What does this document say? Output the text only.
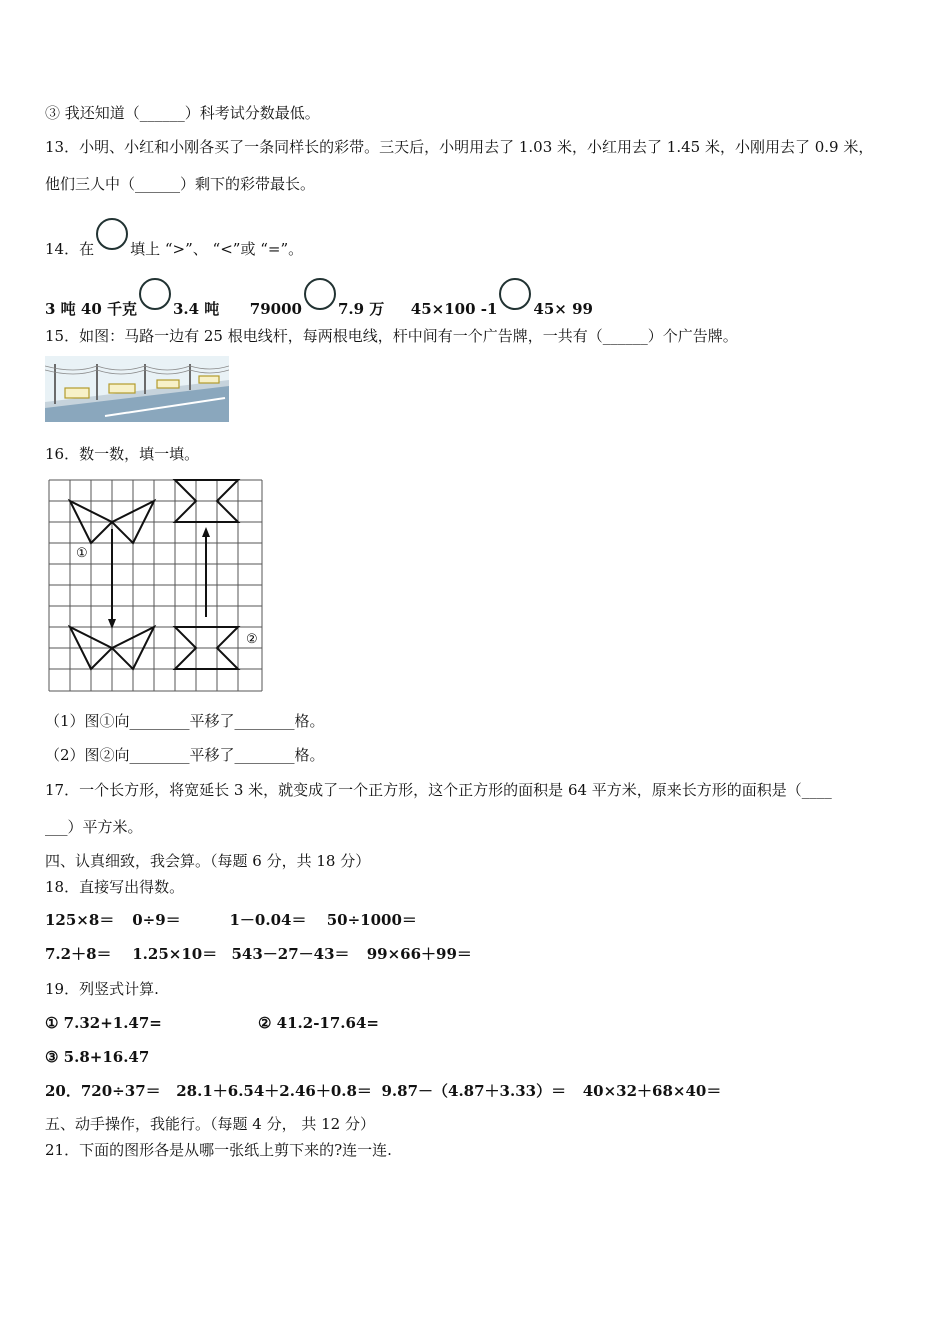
③ 我还知道（______）科考试分数最低。
13．小明、小红和小刚各买了一条同样长的彩带。三天后，小明用去了 1.03 米，小红用去了 1.45 米，小刚用去了 0.9 米，
他们三人中（______）剩下的彩带最长。
14．在 填上 “>”、 “<”或 “=”。
3 吨 40 千克 3.4 吨 79000 7.9 万 45×100 -1 45× 99
15．如图：马路一边有 25 根电线杆，每两根电线，杆中间有一个广告牌，一共有（______）个广告牌。
16．数一数，填一填。
①
②
（1）图①向________平移了________格。
（2）图②向________平移了________格。
17．一个长方形，将宽延长 3 米，就变成了一个正方形，这个正方形的面积是 64 平方米，原来长方形的面积是（____
___）平方米。
四、认真细致，我会算。（每题 6 分，共 18 分）
18．直接写出得数。
125×8＝ 0÷9＝	1－0.04＝ 50÷1000＝
7.2＋8＝ 1.25×10＝ 543－27－43＝ 99×66＋99＝
19．列竖式计算.
① 7.32+1.47=	② 41.2-17.64=
③ 5.8+16.47
20．720÷37＝ 28.1＋6.54＋2.46＋0.8＝ 9.87－（4.87＋3.33）＝ 40×32＋68×40＝
五、动手操作，我能行。（每题 4 分， 共 12 分）
21．下面的图形各是从哪一张纸上剪下来的?连一连.
